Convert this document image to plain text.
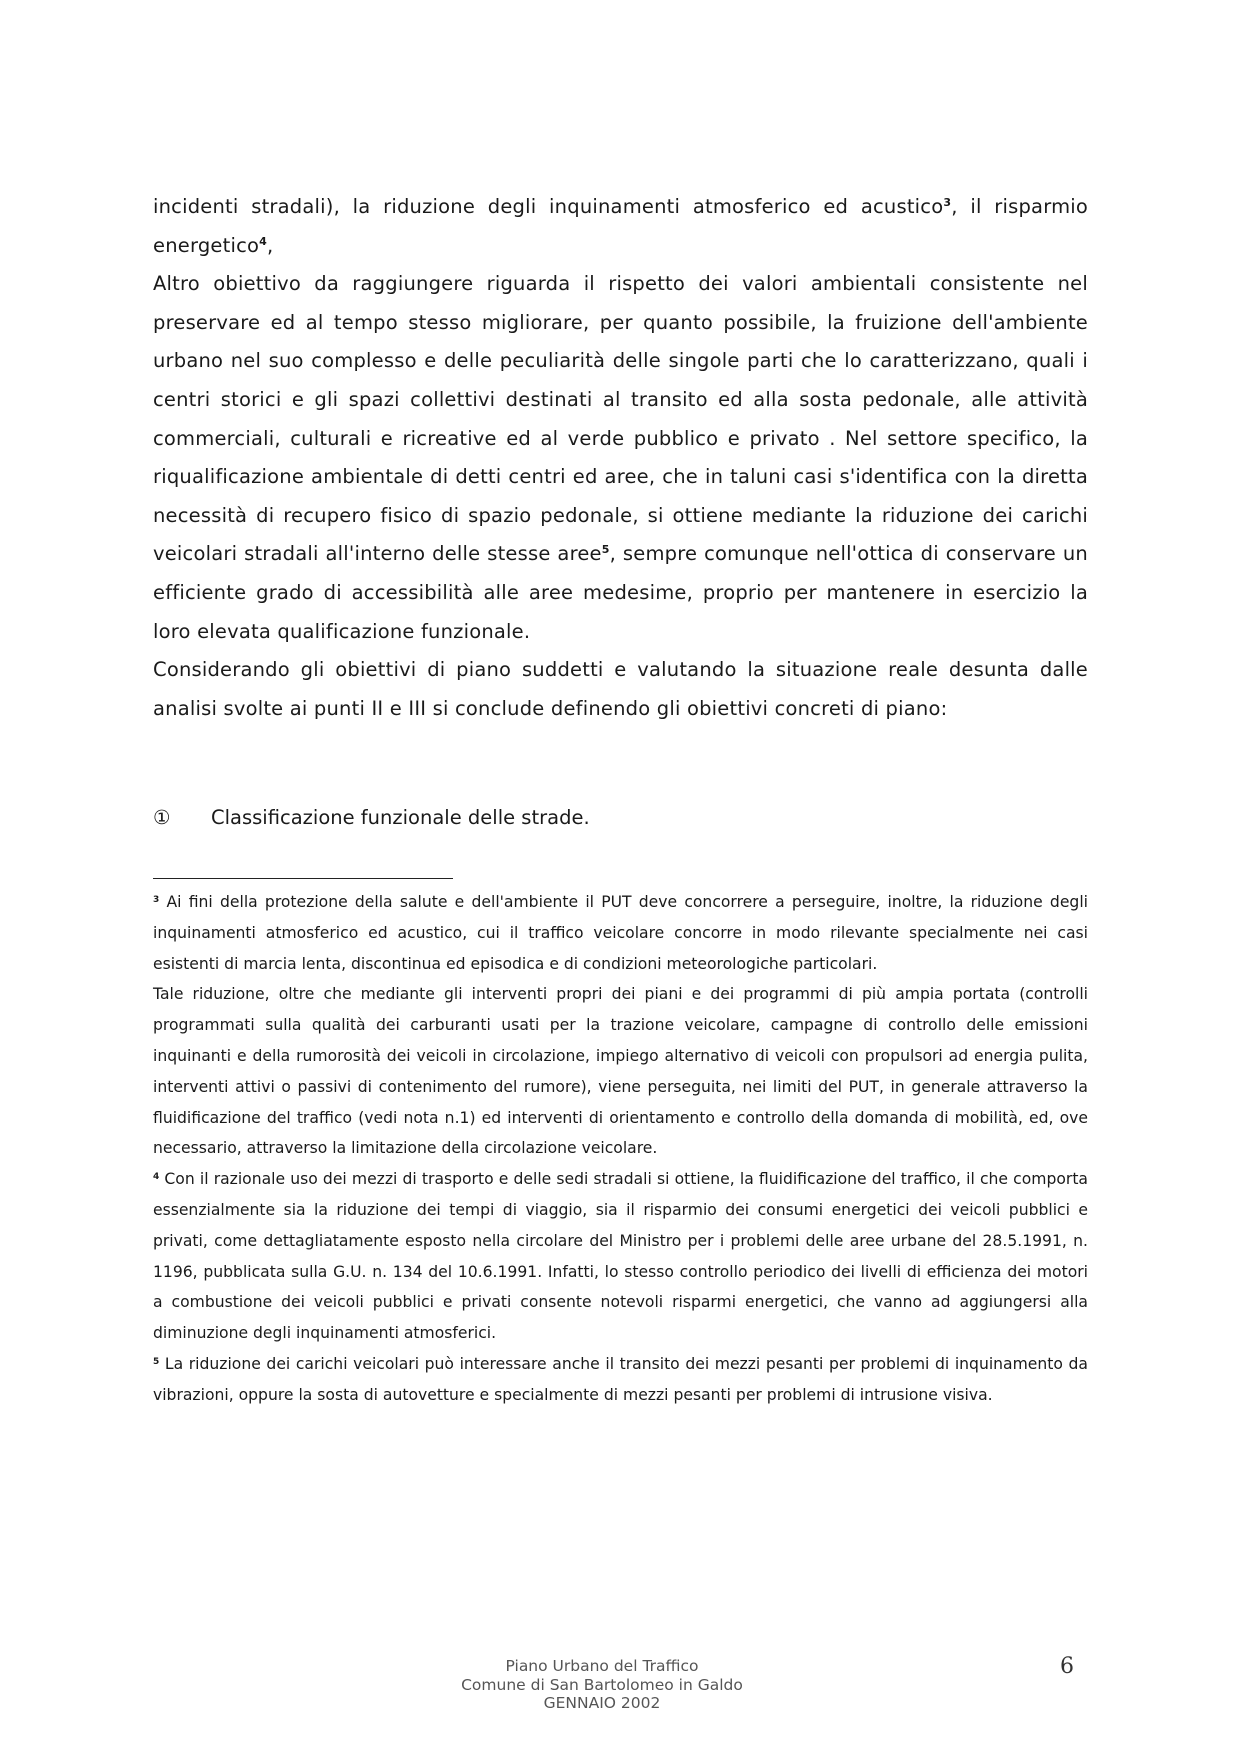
incidenti stradali), la riduzione degli inquinamenti atmosferico ed acustico$^3$, il risparmio energetico$^4$,

Altro obiettivo da raggiungere riguarda il rispetto dei valori ambientali consistente nel preservare ed al tempo stesso migliorare, per quanto possibile, la fruizione dell'ambiente urbano nel suo complesso e delle peculiarità delle singole parti che lo caratterizzano, quali i centri storici e gli spazi collettivi destinati al transito ed alla sosta pedonale, alle attività commerciali, culturali e ricreative ed al verde pubblico e privato . Nel settore specifico, la riqualificazione ambientale di detti centri ed aree, che in taluni casi s'identifica con la diretta necessità di recupero fisico di spazio pedonale, si ottiene mediante la riduzione dei carichi veicolari stradali all'interno delle stesse aree$^5$, sempre comunque nell'ottica di conservare un efficiente grado di accessibilità alle aree medesime, proprio per mantenere in esercizio la loro elevata qualificazione funzionale.

Considerando gli obiettivi di piano suddetti e valutando la situazione reale desunta dalle analisi svolte ai punti II e III si conclude definendo gli obiettivi concreti di piano:

① Classificazione funzionale delle strade.

$^3$ Ai fini della protezione della salute e dell'ambiente il PUT deve concorrere a perseguire, inoltre, la riduzione degli inquinamenti atmosferico ed acustico, cui il traffico veicolare concorre in modo rilevante specialmente nei casi esistenti di marcia lenta, discontinua ed episodica e di condizioni meteorologiche particolari.

Tale riduzione, oltre che mediante gli interventi propri dei piani e dei programmi di più ampia portata (controlli programmati sulla qualità dei carburanti usati per la trazione veicolare, campagne di controllo delle emissioni inquinanti e della rumorosità dei veicoli in circolazione, impiego alternativo di veicoli con propulsori ad energia pulita, interventi attivi o passivi di contenimento del rumore), viene perseguita, nei limiti del PUT, in generale attraverso la fluidificazione del traffico (vedi nota n.1) ed interventi di orientamento e controllo della domanda di mobilità, ed, ove necessario, attraverso la limitazione della circolazione veicolare.

$^4$ Con il razionale uso dei mezzi di trasporto e delle sedi stradali si ottiene, la fluidificazione del traffico, il che comporta essenzialmente sia la riduzione dei tempi di viaggio, sia il risparmio dei consumi energetici dei veicoli pubblici e privati, come dettagliatamente esposto nella circolare del Ministro per i problemi delle aree urbane del 28.5.1991, n. 1196, pubblicata sulla G.U. n. 134 del 10.6.1991. Infatti, lo stesso controllo periodico dei livelli di efficienza dei motori a combustione dei veicoli pubblici e privati consente notevoli risparmi energetici, che vanno ad aggiungersi alla diminuzione degli inquinamenti atmosferici.

$^5$ La riduzione dei carichi veicolari può interessare anche il transito dei mezzi pesanti per problemi di inquinamento da vibrazioni, oppure la sosta di autovetture e specialmente di mezzi pesanti per problemi di intrusione visiva.

Piano Urbano del Traffico
Comune di San Bartolomeo in Galdo
GENNAIO 2002
6
